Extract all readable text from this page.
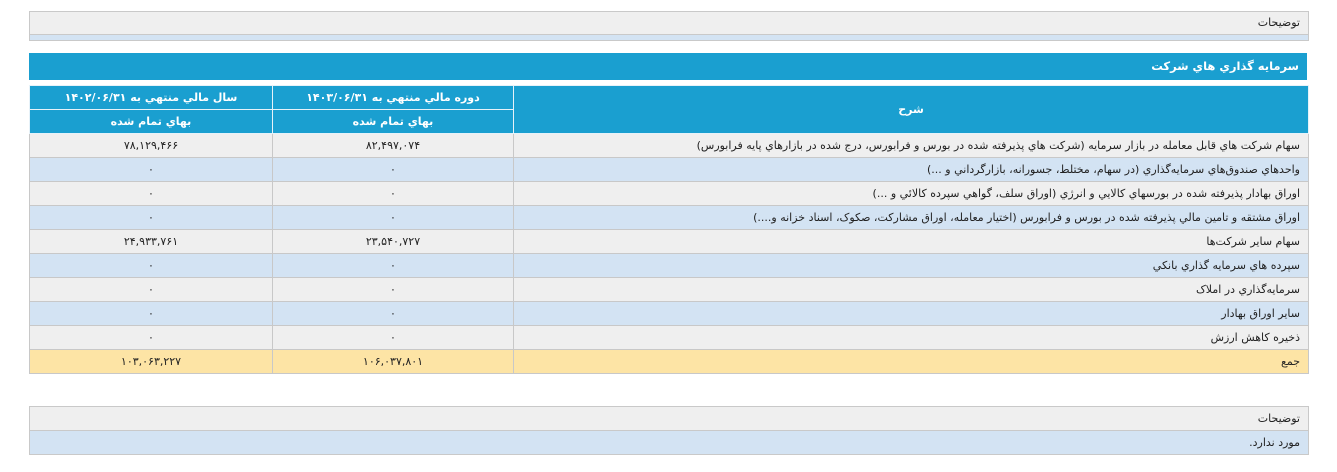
توضيحات
سرمايه گذاري هاي شرکت
شرح	دوره مالي منتهي به ۱۴۰۳/۰۶/۳۱	سال مالي منتهي به ۱۴۰۲/۰۶/۳۱
	بهاي تمام شده	بهاي تمام شده
سهام شرکت هاي قابل معامله در بازار سرمايه (شرکت هاي پذيرفته شده در بورس و فرابورس، درج شده در بازارهاي پايه فرابورس)	۸۲,۴۹۷,۰۷۴	۷۸,۱۲۹,۴۶۶
واحدهاي صندوق‌هاي سرمايه‌گذاري (در سهام، مختلط، جسورانه، بازارگرداني و ...)	۰	۰
اوراق بهادار پذيرفته شده در بورسهاي کالايي و انرژي (اوراق سلف، گواهي سپرده کالائي و ...)	۰	۰
اوراق مشتقه و تامين مالي پذيرفته شده در بورس و فرابورس (اختيار معامله، اوراق مشارکت، صکوک، اسناد خزانه و....)	۰	۰
سهام ساير شرکت‌ها	۲۳,۵۴۰,۷۲۷	۲۴,۹۳۳,۷۶۱
سپرده هاي سرمايه گذاري بانکي	۰	۰
سرمايه‌گذاري در املاک	۰	۰
ساير اوراق بهادار	۰	۰
ذخيره کاهش ارزش	۰	۰
جمع	۱۰۶,۰۳۷,۸۰۱	۱۰۳,۰۶۳,۲۲۷
توضيحات
مورد ندارد.
